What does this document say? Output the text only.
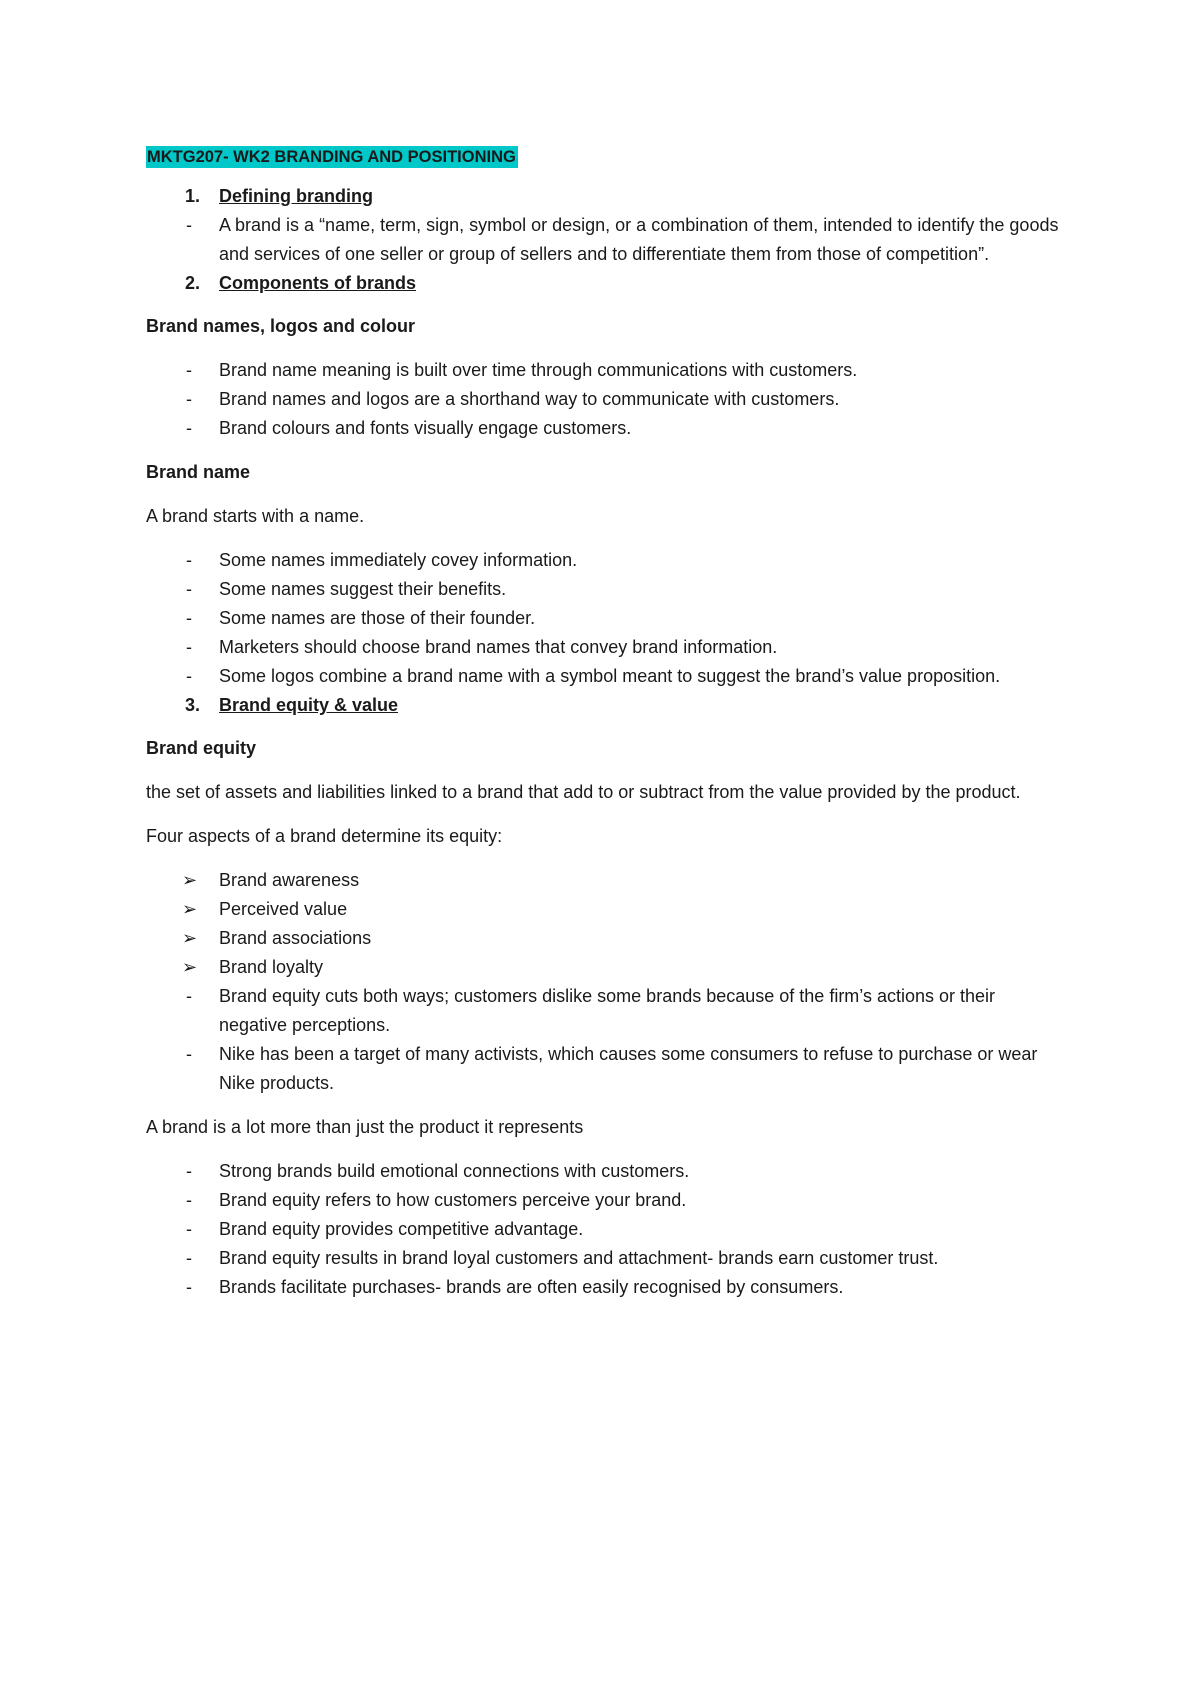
MKTG207- WK2 BRANDING AND POSITIONING
1.	Defining branding
-	A brand is a “name, term, sign, symbol or design, or a combination of them, intended to identify the goods and services of one seller or group of sellers and to differentiate them from those of competition”.
2.	Components of brands

Brand names, logos and colour

-	Brand name meaning is built over time through communications with customers.
-	Brand names and logos are a shorthand way to communicate with customers.
-	Brand colours and fonts visually engage customers.

Brand name

A brand starts with a name.

-	Some names immediately covey information.
-	Some names suggest their benefits.
-	Some names are those of their founder.
-	Marketers should choose brand names that convey brand information.
-	Some logos combine a brand name with a symbol meant to suggest the brand’s value proposition.
3.	Brand equity & value

Brand equity

the set of assets and liabilities linked to a brand that add to or subtract from the value provided by the product.

Four aspects of a brand determine its equity:

➢	Brand awareness
➢	Perceived value
➢	Brand associations
➢	Brand loyalty
-	Brand equity cuts both ways; customers dislike some brands because of the firm’s actions or their negative perceptions.
-	Nike has been a target of many activists, which causes some consumers to refuse to purchase or wear Nike products.

A brand is a lot more than just the product it represents

-	Strong brands build emotional connections with customers.
-	Brand equity refers to how customers perceive your brand.
-	Brand equity provides competitive advantage.
-	Brand equity results in brand loyal customers and attachment- brands earn customer trust.
-	Brands facilitate purchases- brands are often easily recognised by consumers.
